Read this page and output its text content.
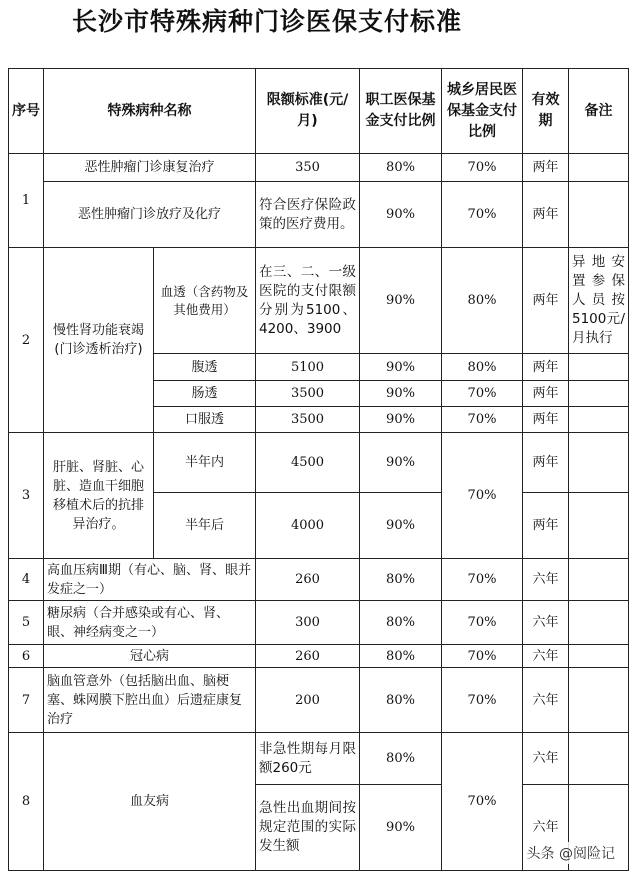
长沙市特殊病种门诊医保支付标准
序号	特殊病种名称		限额标准(元/月)	职工医保基金支付比例	城乡居民医保基金支付比例	有效期	备注
1	恶性肿瘤门诊康复治疗		350	80%	70%	两年	
	恶性肿瘤门诊放疗及化疗		符合医疗保险政策的医疗费用。	90%	70%	两年	
2	慢性肾功能衰竭(门诊透析治疗)	血透（含药物及其他费用）	在三、二、一级医院的支付限额分别为5100、4200、3900	90%	80%	两年	异地安置参保人员按5100元/月执行
		腹透	5100	90%	80%	两年	
		肠透	3500	90%	70%	两年	
		口服透	3500	90%	70%	两年	
3	肝脏、肾脏、心脏、造血干细胞移植术后的抗排异治疗。	半年内	4500	90%	70%	两年	
		半年后	4000	90%		两年	
4	高血压病Ⅲ期（有心、脑、肾、眼并发症之一）		260	80%	70%	六年	
5	糖尿病（合并感染或有心、肾、眼、神经病变之一）		300	80%	70%	六年	
6	冠心病		260	80%	70%	六年	
7	脑血管意外（包括脑出血、脑梗塞、蛛网膜下腔出血）后遗症康复治疗		200	80%	70%	六年	
8	血友病		非急性期每月限额260元	80%	70%	六年	
			急性出血期间按规定范围的实际发生额	90%		六年	
头条 @阅险记
